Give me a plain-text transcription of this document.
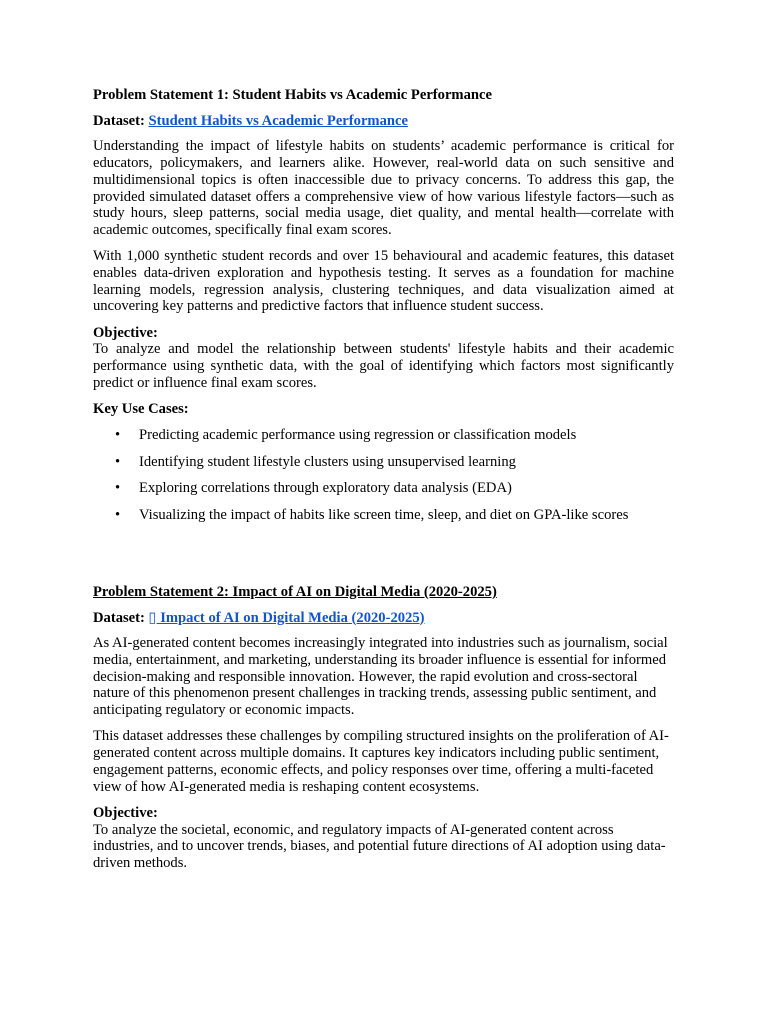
Problem Statement 1: Student Habits vs Academic Performance

Dataset: Student Habits vs Academic Performance

Understanding the impact of lifestyle habits on students’ academic performance is critical for educators, policymakers, and learners alike. However, real-world data on such sensitive and multidimensional topics is often inaccessible due to privacy concerns. To address this gap, the provided simulated dataset offers a comprehensive view of how various lifestyle factors—such as study hours, sleep patterns, social media usage, diet quality, and mental health—correlate with academic outcomes, specifically final exam scores.

With 1,000 synthetic student records and over 15 behavioural and academic features, this dataset enables data-driven exploration and hypothesis testing. It serves as a foundation for machine learning models, regression analysis, clustering techniques, and data visualization aimed at uncovering key patterns and predictive factors that influence student success.

Objective:

To analyze and model the relationship between students' lifestyle habits and their academic performance using synthetic data, with the goal of identifying which factors most significantly predict or influence final exam scores.

Key Use Cases:

• Predicting academic performance using regression or classification models
• Identifying student lifestyle clusters using unsupervised learning
• Exploring correlations through exploratory data analysis (EDA)
• Visualizing the impact of habits like screen time, sleep, and diet on GPA-like scores

Problem Statement 2: Impact of AI on Digital Media (2020-2025)

Dataset: ▯ Impact of AI on Digital Media (2020-2025)

As AI-generated content becomes increasingly integrated into industries such as journalism, social media, entertainment, and marketing, understanding its broader influence is essential for informed decision-making and responsible innovation. However, the rapid evolution and cross-sectoral nature of this phenomenon present challenges in tracking trends, assessing public sentiment, and anticipating regulatory or economic impacts.

This dataset addresses these challenges by compiling structured insights on the proliferation of AI-generated content across multiple domains. It captures key indicators including public sentiment, engagement patterns, economic effects, and policy responses over time, offering a multi-faceted view of how AI-generated media is reshaping content ecosystems.

Objective:

To analyze the societal, economic, and regulatory impacts of AI-generated content across industries, and to uncover trends, biases, and potential future directions of AI adoption using data-driven methods.
